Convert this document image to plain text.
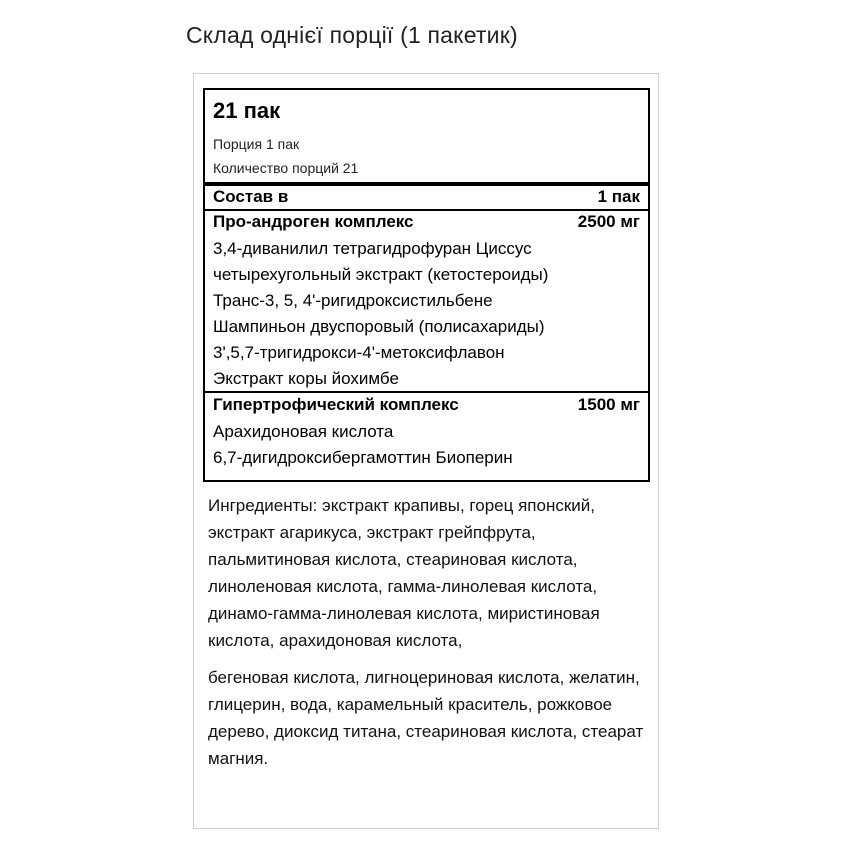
Склад однієї порції (1 пакетик)
21 пак
Порция 1 пак
Количество порций 21
Состав в	1 пак
Про-андроген комплекс	2500 мг
3,4-диванилил тетрагидрофуран Циссус
четырехугольный экстракт (кетостероиды)
Транс-3, 5, 4'-ригидроксистильбене
Шампиньон двуспоровый (полисахариды)
3',5,7-тригидрокси-4'-метоксифлавон
Экстракт коры йохимбе
Гипертрофический комплекс	1500 мг
Арахидоновая кислота
6,7-дигидроксибергамоттин Биоперин

Ингредиенты: экстракт крапивы, горец японский, экстракт агарикуса, экстракт грейпфрута, пальмитиновая кислота, стеариновая кислота, линоленовая кислота, гамма-линолевая кислота, динамо-гамма-линолевая кислота, миристиновая кислота, арахидоновая кислота,

бегеновая кислота, лигноцериновая кислота, желатин, глицерин, вода, карамельный краситель, рожковое дерево, диоксид титана, стеариновая кислота, стеарат магния.
